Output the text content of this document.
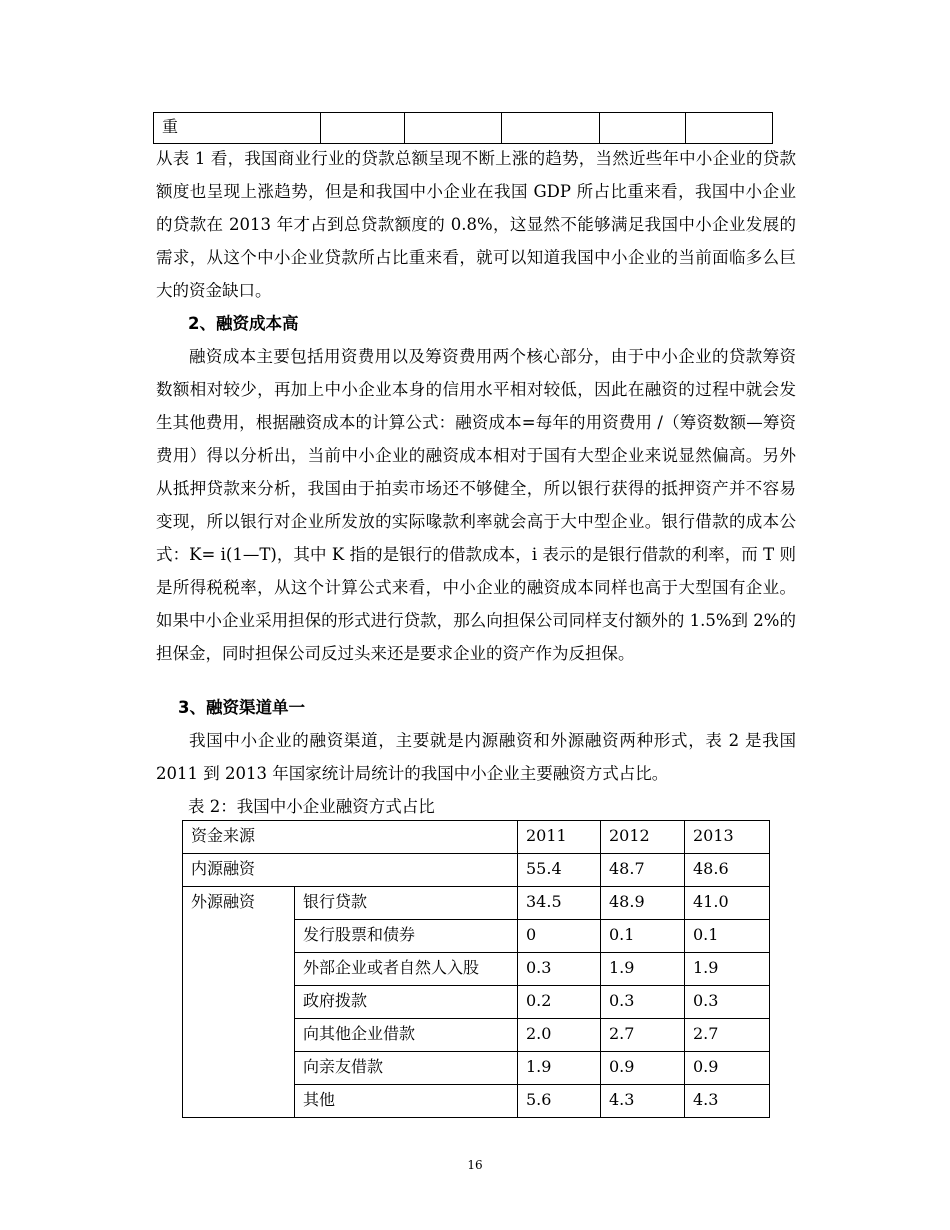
重					
从表 1 看，我国商业行业的贷款总额呈现不断上涨的趋势，当然近些年中小企业的贷款额度也呈现上涨趋势，但是和我国中小企业在我国 GDP 所占比重来看，我国中小企业的贷款在 2013 年才占到总贷款额度的 0.8%，这显然不能够满足我国中小企业发展的需求，从这个中小企业贷款所占比重来看，就可以知道我国中小企业的当前面临多么巨大的资金缺口。
2、融资成本高
融资成本主要包括用资费用以及筹资费用两个核心部分，由于中小企业的贷款筹资数额相对较少，再加上中小企业本身的信用水平相对较低，因此在融资的过程中就会发生其他费用，根据融资成本的计算公式：融资成本=每年的用资费用 /（筹资数额—筹资费用）得以分析出，当前中小企业的融资成本相对于国有大型企业来说显然偏高。另外从抵押贷款来分析，我国由于拍卖市场还不够健全，所以银行获得的抵押资产并不容易变现，所以银行对企业所发放的实际喙款利率就会高于大中型企业。银行借款的成本公式：K= i(1—T)，其中 K 指的是银行的借款成本，i 表示的是银行借款的利率，而 T 则是所得税税率，从这个计算公式来看，中小企业的融资成本同样也高于大型国有企业。如果中小企业采用担保的形式进行贷款，那么向担保公司同样支付额外的 1.5%到 2%的担保金，同时担保公司反过头来还是要求企业的资产作为反担保。
3、融资渠道单一
我国中小企业的融资渠道，主要就是内源融资和外源融资两种形式，表 2 是我国 2011 到 2013 年国家统计局统计的我国中小企业主要融资方式占比。
表 2：我国中小企业融资方式占比
资金来源		2011	2012	2013
内源融资		55.4	48.7	48.6
外源融资	银行贷款	34.5	48.9	41.0
	发行股票和债券	0	0.1	0.1
	外部企业或者自然人入股	0.3	1.9	1.9
	政府拨款	0.2	0.3	0.3
	向其他企业借款	2.0	2.7	2.7
	向亲友借款	1.9	0.9	0.9
	其他	5.6	4.3	4.3
16
